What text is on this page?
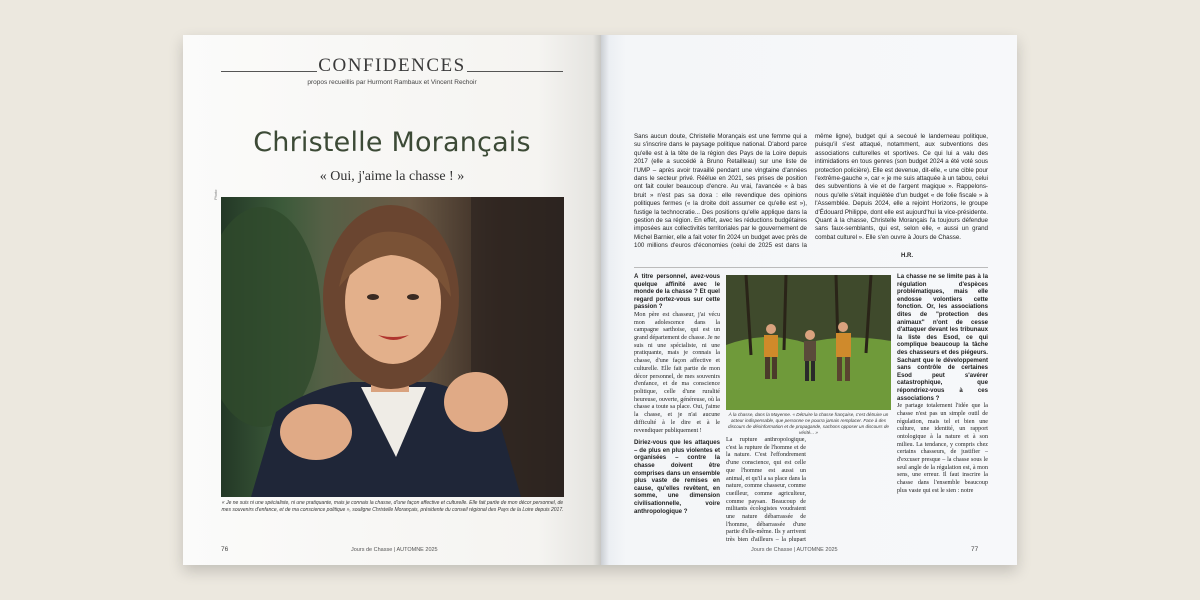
CONFIDENCES
propos recueillis par Hurmont Rambaux et Vincent Rechoir
Christelle Morançais
« Oui, j'aime la chasse ! »
Photo
« Je ne suis ni une spécialiste, ni une pratiquante, mais je connais la chasse, d'une façon affective et culturelle. Elle fait partie de mon décor personnel, de mes souvenirs d'enfance, et de ma conscience politique », souligne Christelle Morançais, présidente du conseil régional des Pays de la Loire depuis 2017.
76	Jours de Chasse | AUTOMNE 2025
Sans aucun doute, Christelle Morançais est une femme qui a su s'inscrire dans le paysage politique national. D'abord parce qu'elle est à la tête de la région des Pays de la Loire depuis 2017 (elle a succédé à Bruno Retailleau) sur une liste de l'UMP – après avoir travaillé pendant une vingtaine d'années dans le secteur privé. Réélue en 2021, ses prises de position ont fait couler beaucoup d'encre. Au vrai, l'avancée « à bas bruit » n'est pas sa doxa : elle revendique des opinions politiques fermes (« la droite doit assumer ce qu'elle est »), fustige la technocratie... Des positions qu'elle applique dans la gestion de sa région. En effet, avec les réductions budgétaires imposées aux collectivités territoriales par le gouvernement de Michel Barnier, elle a fait voter fin 2024 un budget avec près de 100 millions d'euros d'économies (celui de 2025 est dans la même ligne), budget qui a secoué le landerneau politique, puisqu'il s'est attaqué, notamment, aux subventions des associations culturelles et sportives. Ce qui lui a valu des intimidations en tous genres (son budget 2024 a été voté sous protection policière). Elle est devenue, dit-elle, « une cible pour l'extrême-gauche », car « je me suis attaquée à un tabou, celui des subventions à vie et de l'argent magique ». Rappelons-nous qu'elle s'était inquiétée d'un budget « de folie fiscale » à l'Assemblée. Depuis 2024, elle a rejoint Horizons, le groupe d'Édouard Philippe, dont elle est aujourd'hui la vice-présidente. Quant à la chasse, Christelle Morançais l'a toujours défendue sans faux-semblants, qui est, selon elle, « aussi un grand combat culturel ». Elle s'en ouvre à Jours de Chasse.
H.R.
À titre personnel, avez-vous quelque affinité avec le monde de la chasse ? Et quel regard portez-vous sur cette passion ?
Mon père est chasseur, j'ai vécu mon adolescence dans la campagne sarthoise, qui est un grand département de chasse. Je ne suis ni une spécialiste, ni une pratiquante, mais je connais la chasse, d'une façon affective et culturelle. Elle fait partie de mon décor personnel, de mes souvenirs d'enfance, et de ma conscience politique, celle d'une ruralité heureuse, ouverte, généreuse, où la chasse a toute sa place. Oui, j'aime la chasse, et je n'ai aucune difficulté à le dire et à le revendiquer publiquement !
Diriez-vous que les attaques – de plus en plus violentes et organisées – contre la chasse doivent être comprises dans un ensemble plus vaste de remises en cause, qu'elles revêtent, en somme, une dimension civilisationnelle, voire anthropologique ?
À la chasse, dans la Mayenne. « Détruire la chasse française, c'est détruire un acteur indispensable, que personne ne pourra jamais remplacer. Face à des discours de désinformation et de propagande, sachons opposer un discours de vérité... »
La rupture anthropologique, c'est la rupture de l'homme et de la nature. C'est l'effondrement d'une conscience, qui est celle que l'homme est aussi un animal, et qu'il a sa place dans la nature, comme chasseur, comme cueilleur, comme agriculteur, comme paysan. Beaucoup de militants écologistes voudraient une nature débarrassée de l'homme, débarrassée d'une partie d'elle-même. Ils y arrivent très bien d'ailleurs – la plupart
La chasse ne se limite pas à la régulation d'espèces problématiques, mais elle endosse volontiers cette fonction. Or, les associations dites de "protection des animaux" n'ont de cesse d'attaquer devant les tribunaux la liste des Esod, ce qui complique beaucoup la tâche des chasseurs et des piégeurs. Sachant que le développement sans contrôle de certaines Esod peut s'avérer catastrophique, que répondriez-vous à ces associations ?
Je partage totalement l'idée que la chasse n'est pas un simple outil de régulation, mais tel et bien une culture, une identité, un rapport ontologique à la nature et à son milieu. La tendance, y compris chez certains chasseurs, de justifier – d'excuser presque – la chasse sous le seul angle de la régulation est, à mon sens, une erreur. Il faut inscrire la chasse dans l'ensemble beaucoup plus vaste qui est le sien : notre
Jours de Chasse | AUTOMNE 2025	77
